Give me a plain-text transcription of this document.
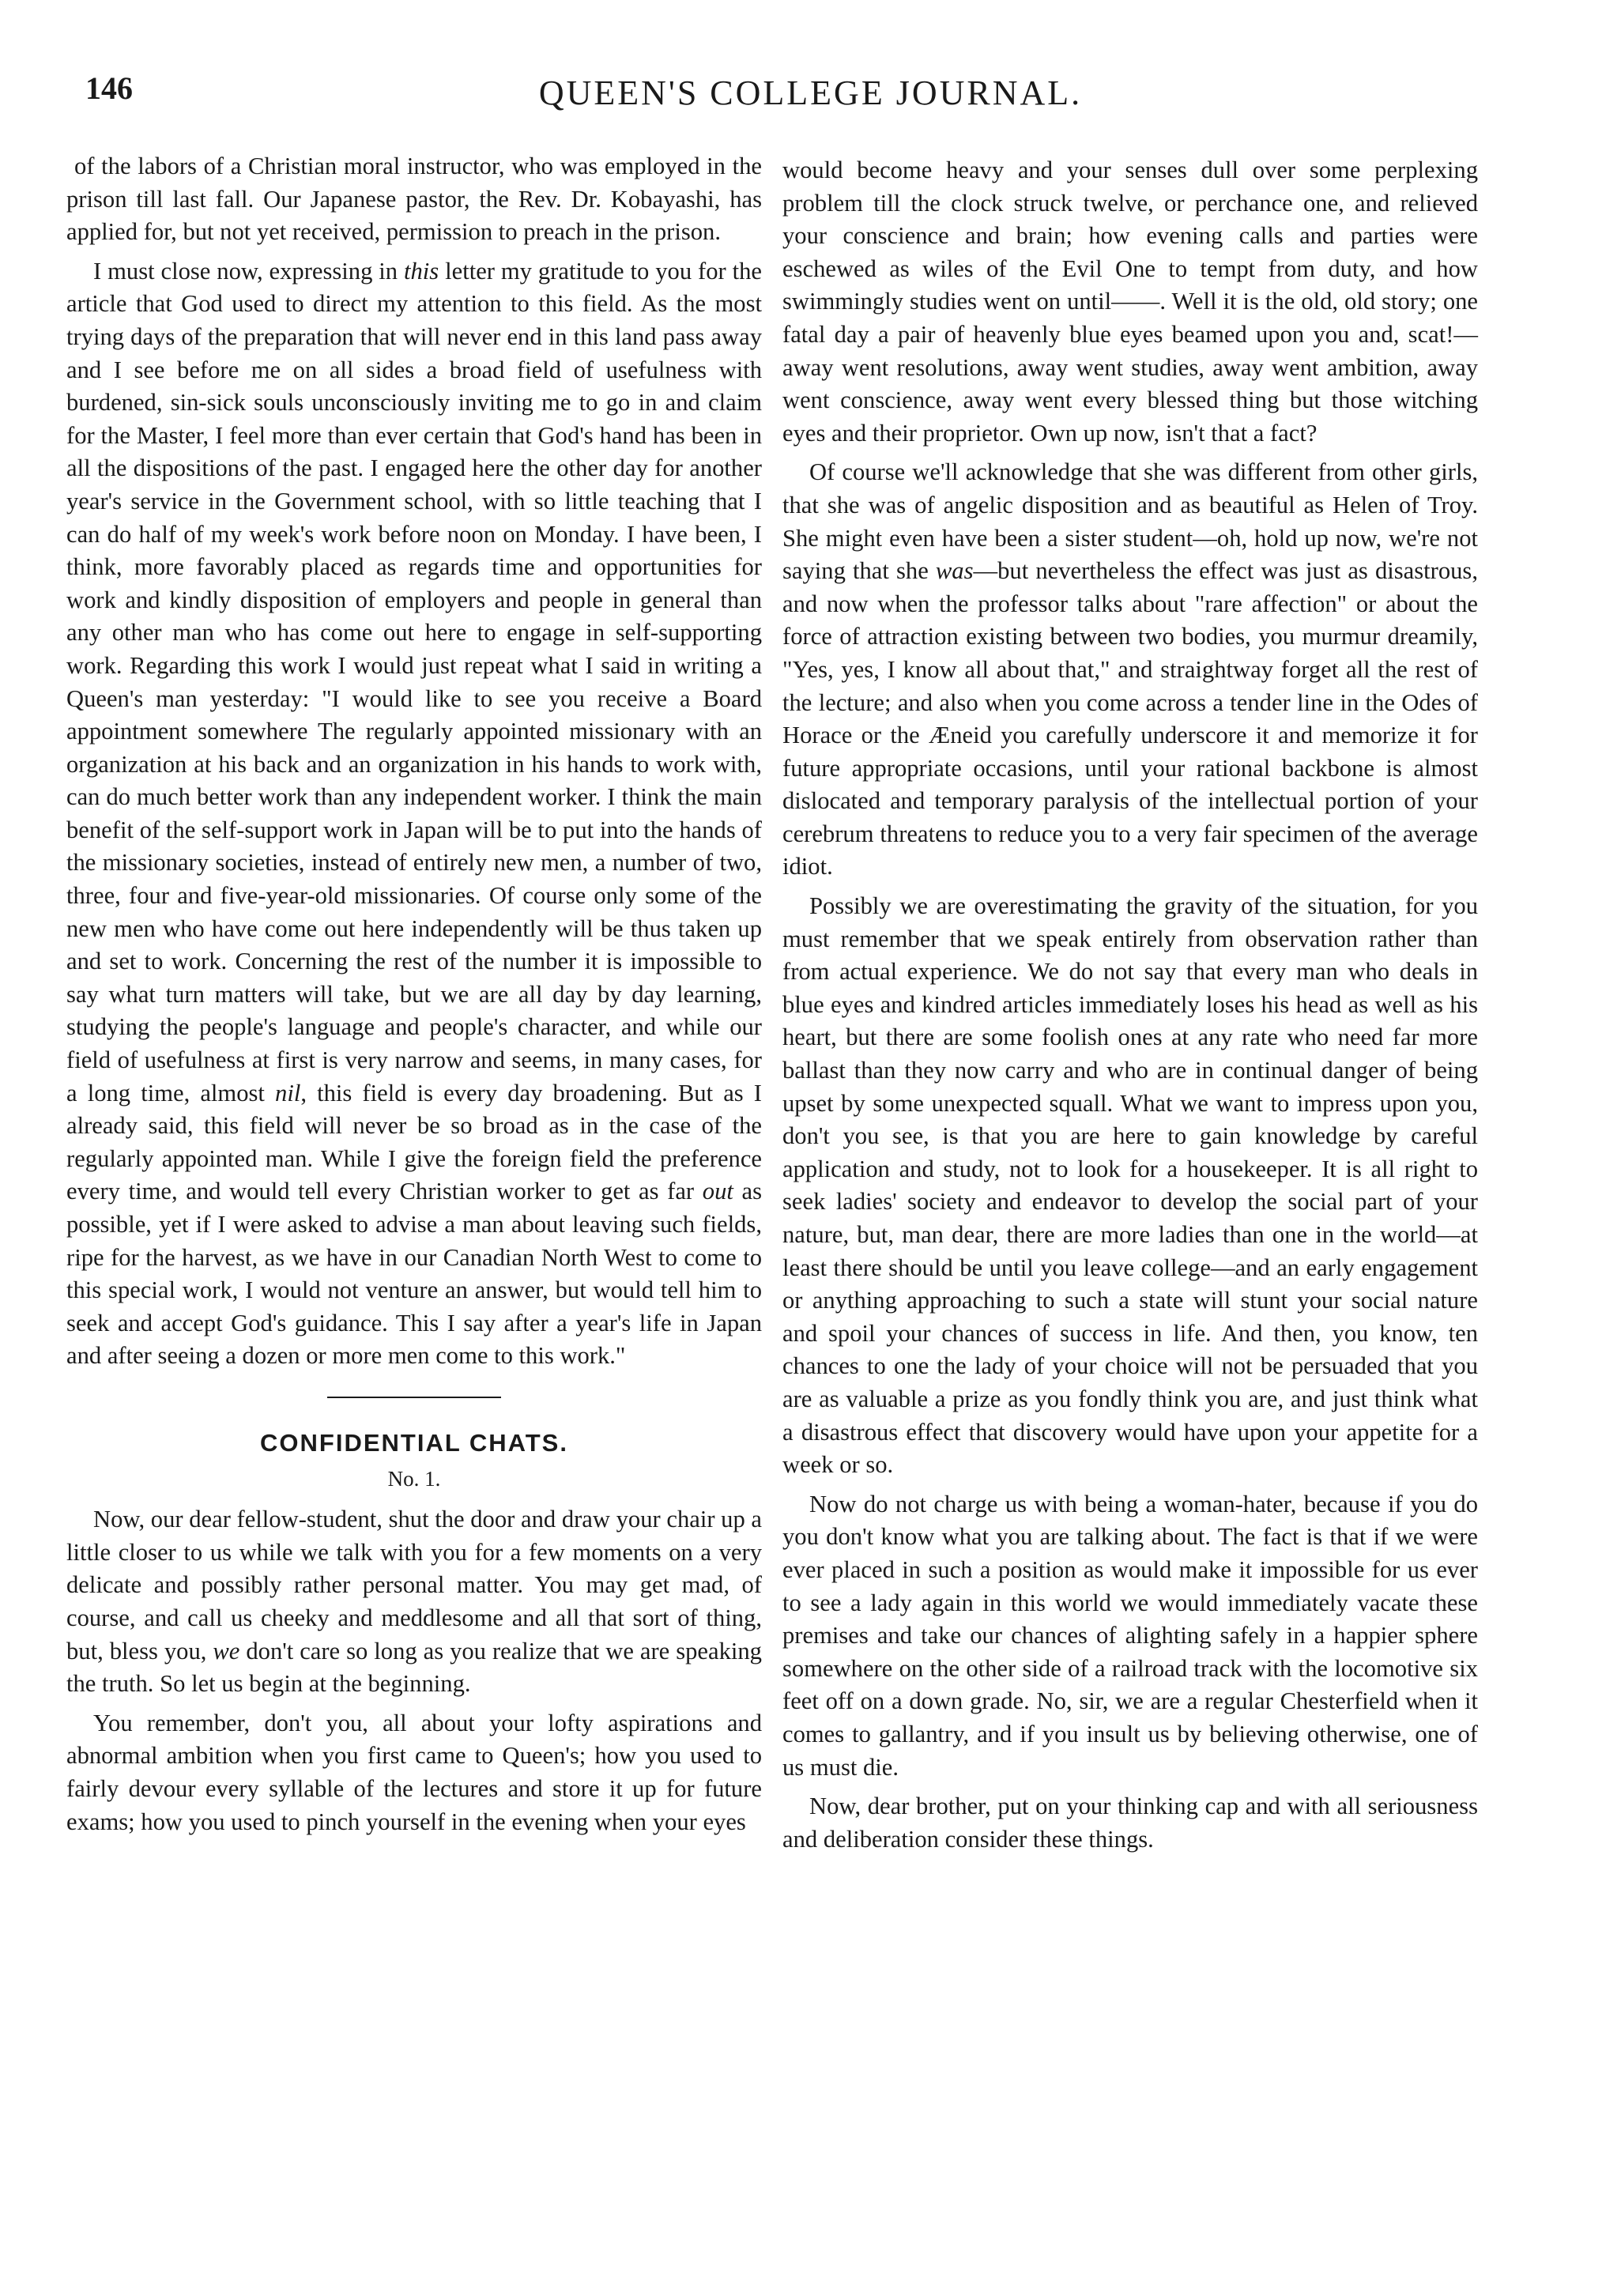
146	QUEEN'S COLLEGE JOURNAL.

of the labors of a Christian moral instructor, who was employed in the prison till last fall. Our Japanese pastor, the Rev. Dr. Kobayashi, has applied for, but not yet received, permission to preach in the prison.

I must close now, expressing in this letter my gratitude to you for the article that God used to direct my attention to this field. As the most trying days of the preparation that will never end in this land pass away and I see before me on all sides a broad field of usefulness with burdened, sin-sick souls unconsciously inviting me to go in and claim for the Master, I feel more than ever certain that God's hand has been in all the dispositions of the past. I engaged here the other day for another year's service in the Government school, with so little teaching that I can do half of my week's work before noon on Monday. I have been, I think, more favorably placed as regards time and opportunities for work and kindly disposition of employers and people in general than any other man who has come out here to engage in self-supporting work. Regarding this work I would just repeat what I said in writing a Queen's man yesterday: "I would like to see you receive a Board appointment somewhere The regularly appointed missionary with an organization at his back and an organization in his hands to work with, can do much better work than any independent worker. I think the main benefit of the self-support work in Japan will be to put into the hands of the missionary societies, instead of entirely new men, a number of two, three, four and five-year-old missionaries. Of course only some of the new men who have come out here independently will be thus taken up and set to work. Concerning the rest of the number it is impossible to say what turn matters will take, but we are all day by day learning, studying the people's language and people's character, and while our field of usefulness at first is very narrow and seems, in many cases, for a long time, almost nil, this field is every day broadening. But as I already said, this field will never be so broad as in the case of the regularly appointed man. While I give the foreign field the preference every time, and would tell every Christian worker to get as far out as possible, yet if I were asked to advise a man about leaving such fields, ripe for the harvest, as we have in our Canadian North West to come to this special work, I would not venture an answer, but would tell him to seek and accept God's guidance. This I say after a year's life in Japan and after seeing a dozen or more men come to this work."

CONFIDENTIAL CHATS.
No. 1.

Now, our dear fellow-student, shut the door and draw your chair up a little closer to us while we talk with you for a few moments on a very delicate and possibly rather personal matter. You may get mad, of course, and call us cheeky and meddlesome and all that sort of thing, but, bless you, we don't care so long as you realize that we are speaking the truth. So let us begin at the beginning.

You remember, don't you, all about your lofty aspirations and abnormal ambition when you first came to Queen's; how you used to fairly devour every syllable of the lectures and store it up for future exams; how you used to pinch yourself in the evening when your eyes

would become heavy and your senses dull over some perplexing problem till the clock struck twelve, or perchance one, and relieved your conscience and brain; how evening calls and parties were eschewed as wiles of the Evil One to tempt from duty, and how swimmingly studies went on until——. Well it is the old, old story; one fatal day a pair of heavenly blue eyes beamed upon you and, scat!—away went resolutions, away went studies, away went ambition, away went conscience, away went every blessed thing but those witching eyes and their proprietor. Own up now, isn't that a fact?

Of course we'll acknowledge that she was different from other girls, that she was of angelic disposition and as beautiful as Helen of Troy. She might even have been a sister student—oh, hold up now, we're not saying that she was—but nevertheless the effect was just as disastrous, and now when the professor talks about "rare affection" or about the force of attraction existing between two bodies, you murmur dreamily, "Yes, yes, I know all about that," and straightway forget all the rest of the lecture; and also when you come across a tender line in the Odes of Horace or the Æneid you carefully underscore it and memorize it for future appropriate occasions, until your rational backbone is almost dislocated and temporary paralysis of the intellectual portion of your cerebrum threatens to reduce you to a very fair specimen of the average idiot.

Possibly we are overestimating the gravity of the situation, for you must remember that we speak entirely from observation rather than from actual experience. We do not say that every man who deals in blue eyes and kindred articles immediately loses his head as well as his heart, but there are some foolish ones at any rate who need far more ballast than they now carry and who are in continual danger of being upset by some unexpected squall. What we want to impress upon you, don't you see, is that you are here to gain knowledge by careful application and study, not to look for a housekeeper. It is all right to seek ladies' society and endeavor to develop the social part of your nature, but, man dear, there are more ladies than one in the world—at least there should be until you leave college—and an early engagement or anything approaching to such a state will stunt your social nature and spoil your chances of success in life. And then, you know, ten chances to one the lady of your choice will not be persuaded that you are as valuable a prize as you fondly think you are, and just think what a disastrous effect that discovery would have upon your appetite for a week or so.

Now do not charge us with being a woman-hater, because if you do you don't know what you are talking about. The fact is that if we were ever placed in such a position as would make it impossible for us ever to see a lady again in this world we would immediately vacate these premises and take our chances of alighting safely in a happier sphere somewhere on the other side of a railroad track with the locomotive six feet off on a down grade. No, sir, we are a regular Chesterfield when it comes to gallantry, and if you insult us by believing otherwise, one of us must die.

Now, dear brother, put on your thinking cap and with all seriousness and deliberation consider these things.
